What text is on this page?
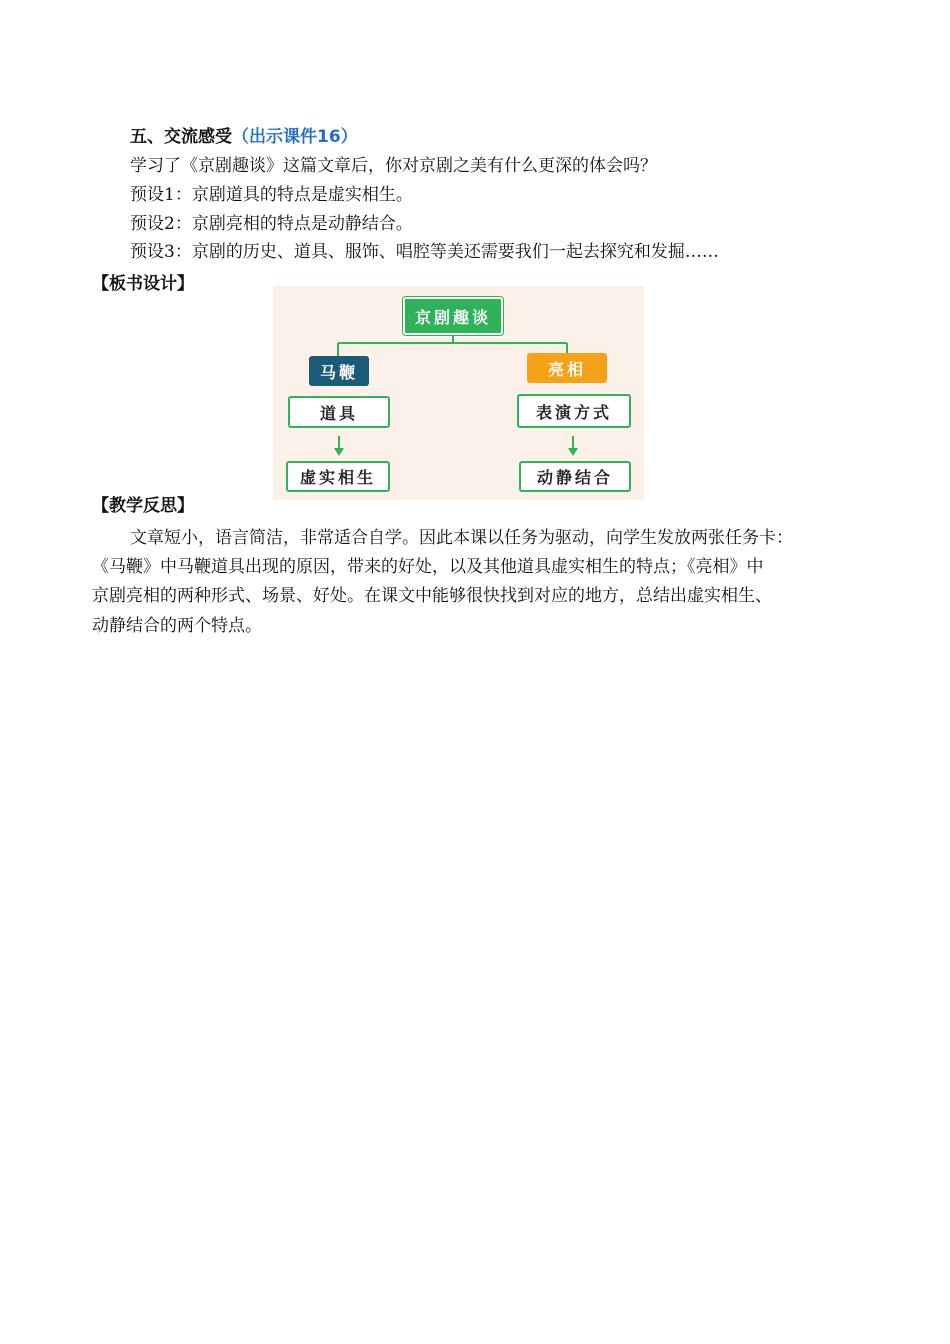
五、交流感受（出示课件16）
学习了《京剧趣谈》这篇文章后，你对京剧之美有什么更深的体会吗？
预设1：京剧道具的特点是虚实相生。
预设2：京剧亮相的特点是动静结合。
预设3：京剧的历史、道具、服饰、唱腔等美还需要我们一起去探究和发掘……
【板书设计】
京剧趣谈
马鞭	亮相
道具
虚实相生
表演方式
动静结合
【教学反思】
文章短小，语言简洁，非常适合自学。因此本课以任务为驱动，向学生发放两张任务卡：
《马鞭》中马鞭道具出现的原因，带来的好处，以及其他道具虚实相生的特点；《亮相》中
京剧亮相的两种形式、场景、好处。在课文中能够很快找到对应的地方，总结出虚实相生、
动静结合的两个特点。
